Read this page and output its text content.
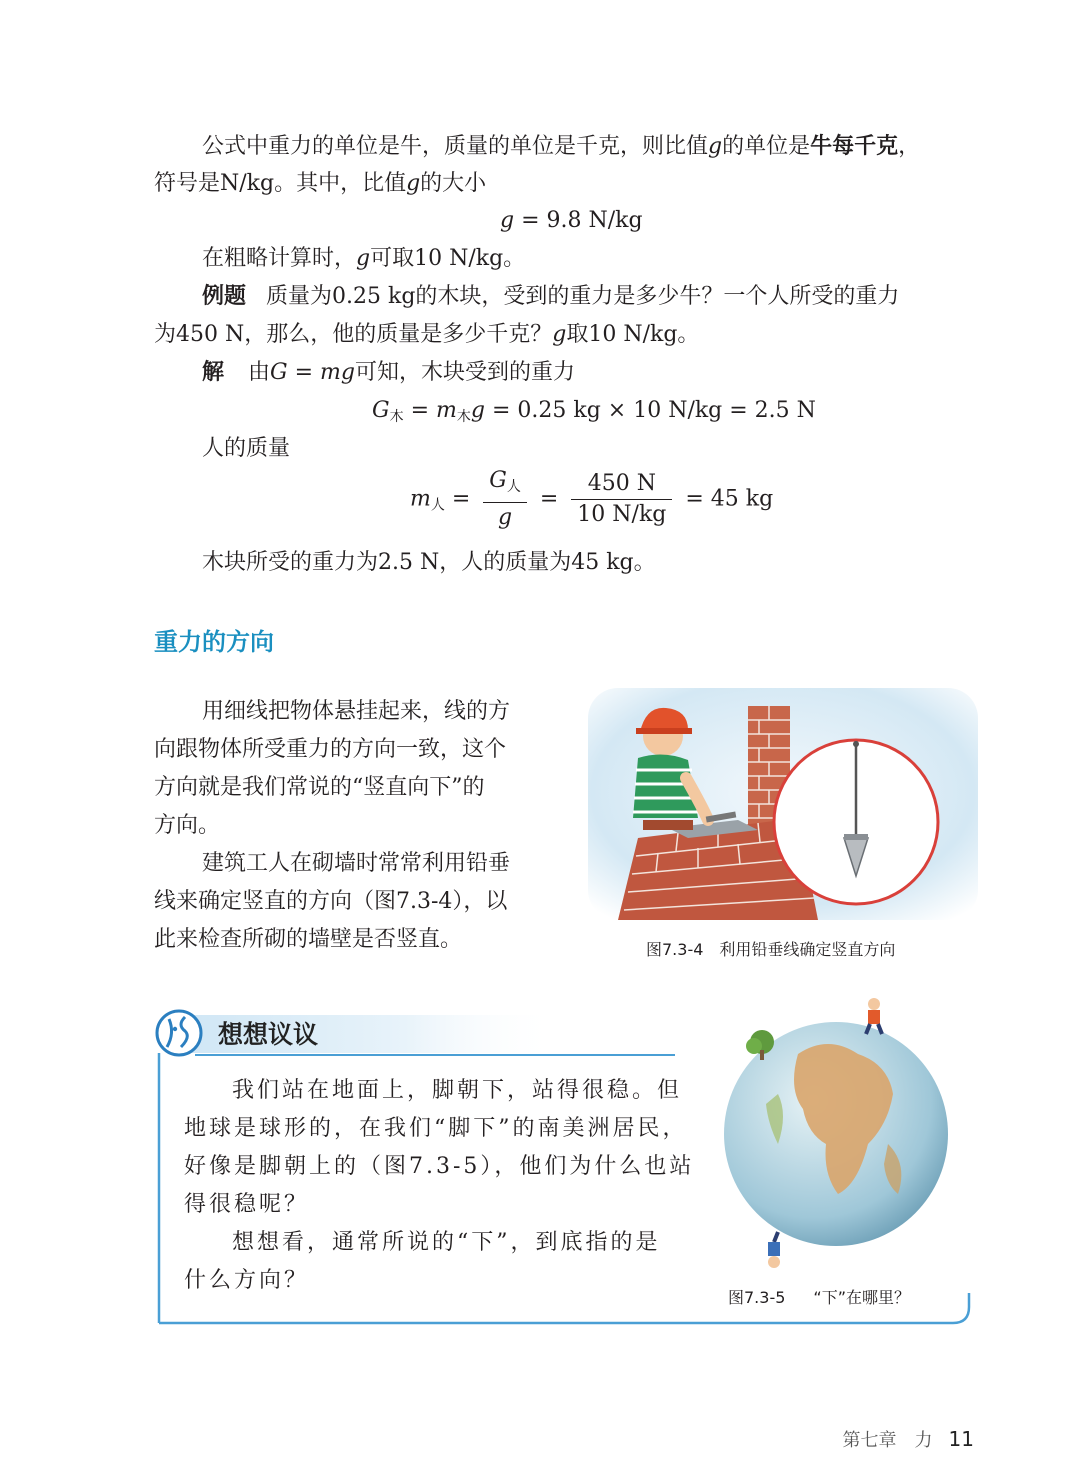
公式中重力的单位是牛，质量的单位是千克，则比值g的单位是牛每千克，
符号是N/kg。其中，比值g的大小
g = 9.8 N/kg
在粗略计算时，g可取10 N/kg。
例题 质量为0.25 kg的木块，受到的重力是多少牛？一个人所受的重力
为450 N，那么，他的质量是多少千克？g取10 N/kg。
解 由G = mg可知，木块受到的重力
$G_木 = m_木g = 0.25$ kg × 10 N/kg = 2.5 N
人的质量
$m_人 = \frac{G_人}{g} = \frac{450 N}{10 N/kg} = 45$ kg
木块所受的重力为2.5 N，人的质量为45 kg。
重力的方向
用细线把物体悬挂起来，线的方
向跟物体所受重力的方向一致，这个
方向就是我们常说的“竖直向下”的
方向。
建筑工人在砌墙时常常利用铅垂
线来确定竖直的方向（图7.3-4），以
此来检查所砌的墙壁是否竖直。	图7.3-4 利用铅垂线确定竖直方向
想想议议
我们站在地面上，脚朝下，站得很稳。但
地球是球形的，在我们“脚下”的南美洲居民，
好像是脚朝上的（图7.3-5），他们为什么也站
得很稳呢？
想想看，通常所说的“下”，到底指的是
什么方向？
图7.3-5 “下”在哪里？
第七章　力 11
